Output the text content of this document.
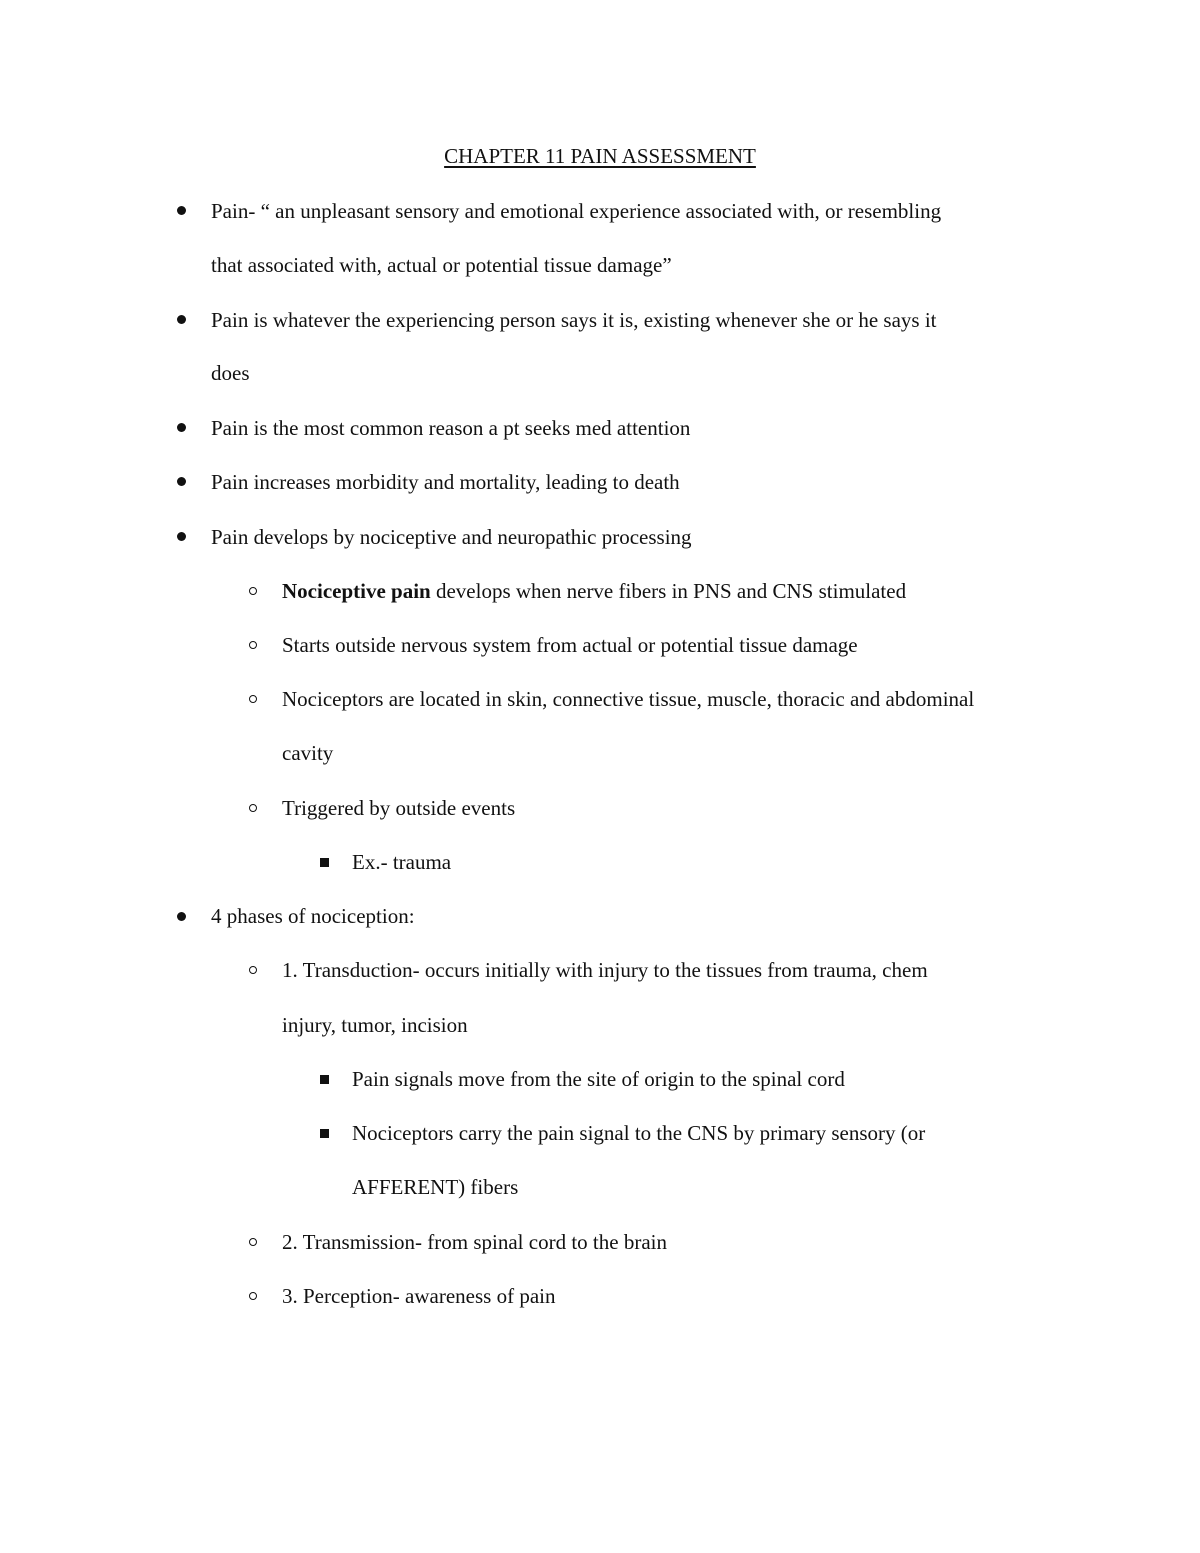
CHAPTER 11 PAIN ASSESSMENT
Pain- “ an unpleasant sensory and emotional experience associated with, or resembling
that associated with, actual or potential tissue damage”
Pain is whatever the experiencing person says it is, existing whenever she or he says it
does
Pain is the most common reason a pt seeks med attention
Pain increases morbidity and mortality, leading to death
Pain develops by nociceptive and neuropathic processing
Nociceptive pain develops when nerve fibers in PNS and CNS stimulated
Starts outside nervous system from actual or potential tissue damage
Nociceptors are located in skin, connective tissue, muscle, thoracic and abdominal
cavity
Triggered by outside events
Ex.- trauma
4 phases of nociception:
1. Transduction- occurs initially with injury to the tissues from trauma, chem
injury, tumor, incision
Pain signals move from the site of origin to the spinal cord
Nociceptors carry the pain signal to the CNS by primary sensory (or
AFFERENT) fibers
2. Transmission- from spinal cord to the brain
3. Perception- awareness of pain
